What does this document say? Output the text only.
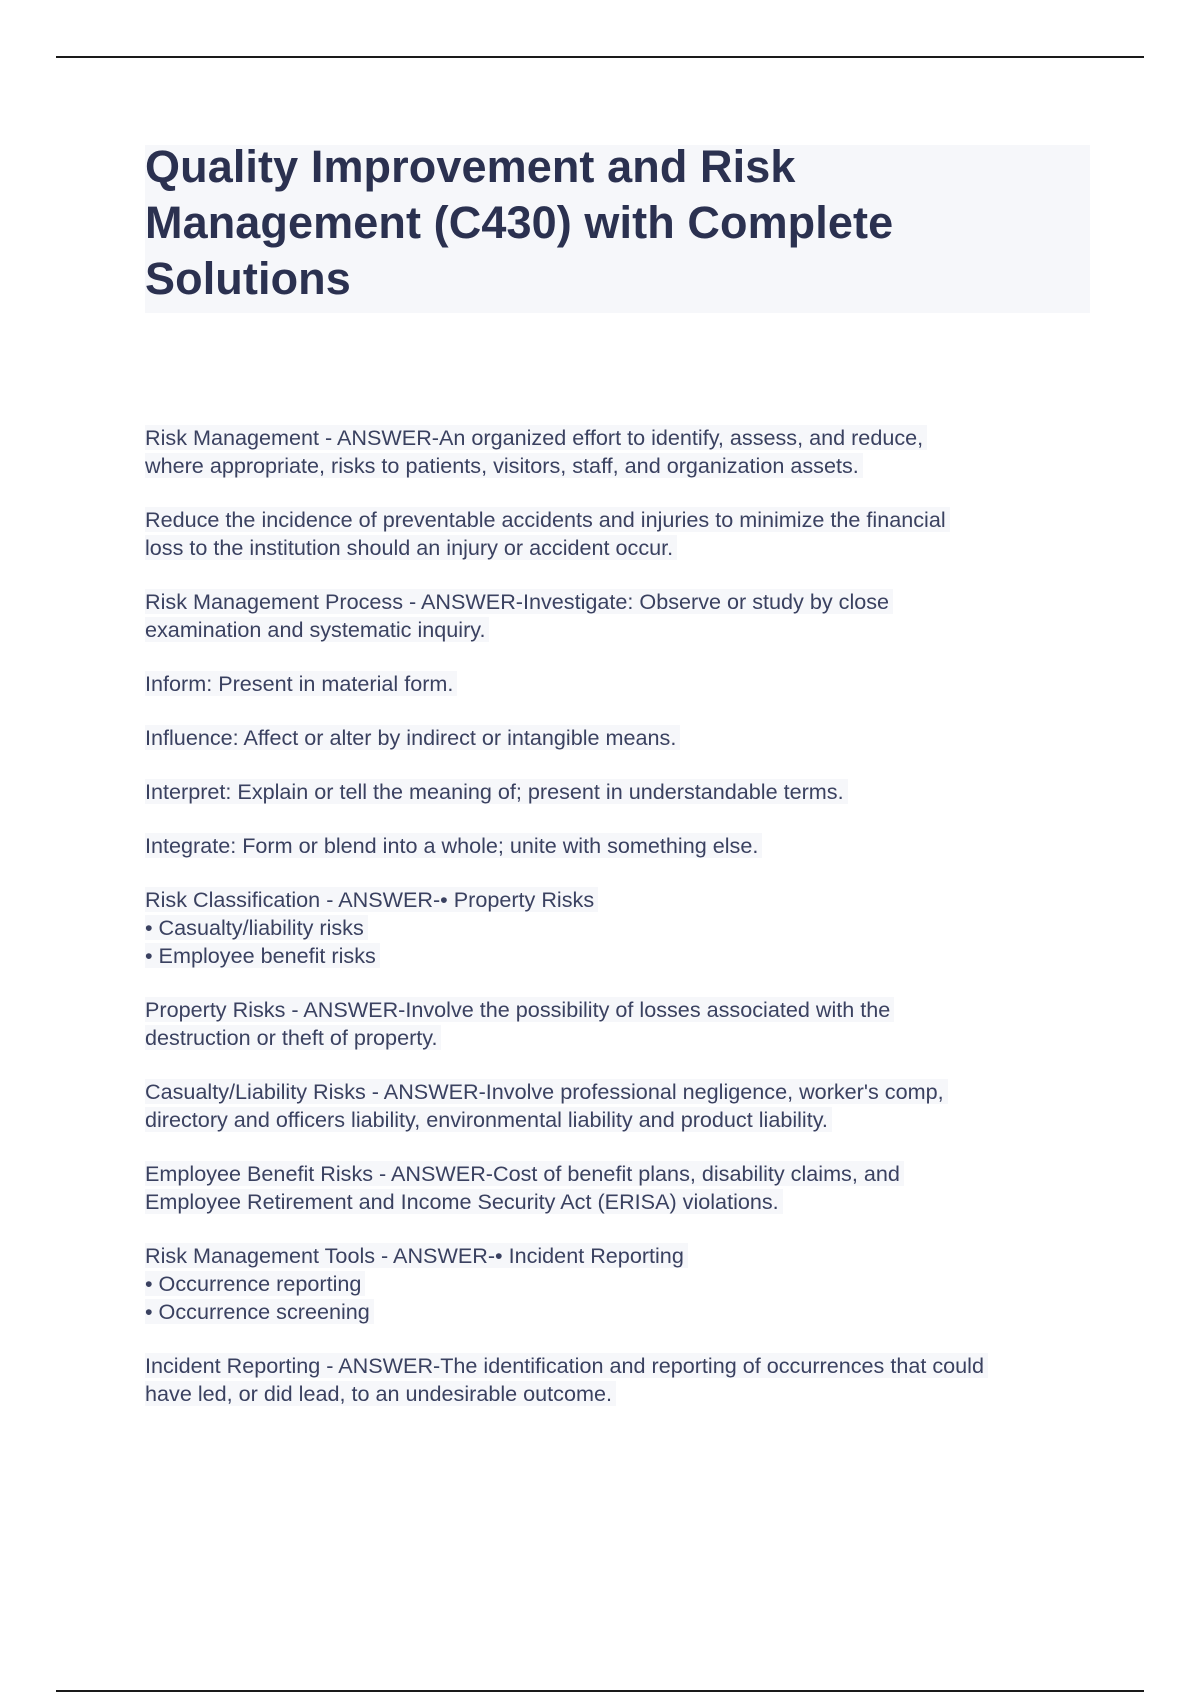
Quality Improvement and Risk
Management (C430) with Complete
Solutions

Risk Management - ANSWER-An organized effort to identify, assess, and reduce,
where appropriate, risks to patients, visitors, staff, and organization assets.

Reduce the incidence of preventable accidents and injuries to minimize the financial
loss to the institution should an injury or accident occur.

Risk Management Process - ANSWER-Investigate: Observe or study by close
examination and systematic inquiry.

Inform: Present in material form.

Influence: Affect or alter by indirect or intangible means.

Interpret: Explain or tell the meaning of; present in understandable terms.

Integrate: Form or blend into a whole; unite with something else.

Risk Classification - ANSWER-• Property Risks
• Casualty/liability risks
• Employee benefit risks

Property Risks - ANSWER-Involve the possibility of losses associated with the
destruction or theft of property.

Casualty/Liability Risks - ANSWER-Involve professional negligence, worker's comp,
directory and officers liability, environmental liability and product liability.

Employee Benefit Risks - ANSWER-Cost of benefit plans, disability claims, and
Employee Retirement and Income Security Act (ERISA) violations.

Risk Management Tools - ANSWER-• Incident Reporting
• Occurrence reporting
• Occurrence screening

Incident Reporting - ANSWER-The identification and reporting of occurrences that could
have led, or did lead, to an undesirable outcome.
